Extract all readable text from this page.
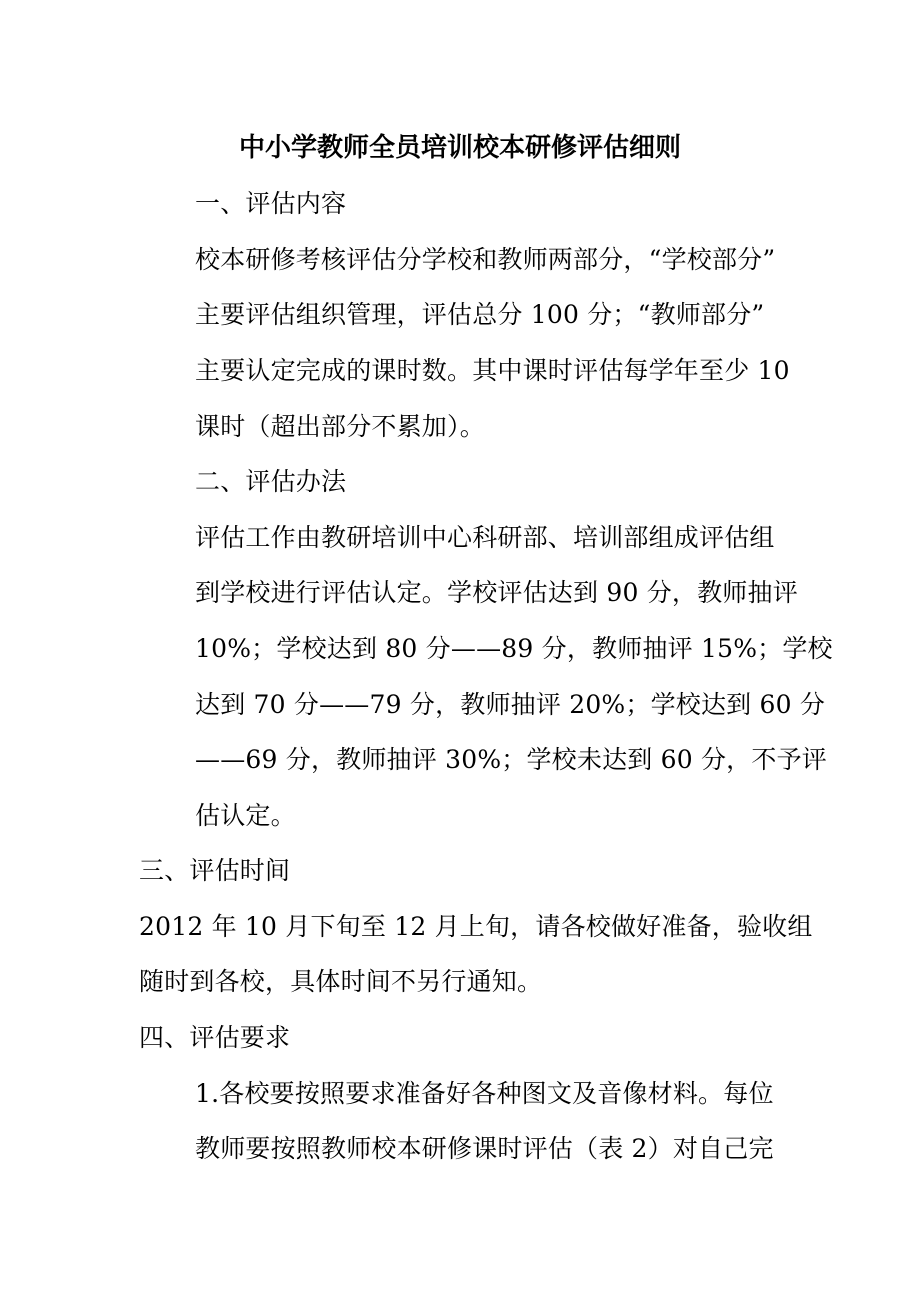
中小学教师全员培训校本研修评估细则
一、评估内容
校本研修考核评估分学校和教师两部分，“学校部分”
主要评估组织管理，评估总分 100 分；“教师部分”
主要认定完成的课时数。其中课时评估每学年至少 10
课时（超出部分不累加）。
二、评估办法
评估工作由教研培训中心科研部、培训部组成评估组
到学校进行评估认定。学校评估达到 90 分，教师抽评
10%；学校达到 80 分——89 分，教师抽评 15%；学校
达到 70 分——79 分，教师抽评 20%；学校达到 60 分
——69 分，教师抽评 30%；学校未达到 60 分，不予评
估认定。
三、评估时间
2012 年 10 月下旬至 12 月上旬，请各校做好准备，验收组
随时到各校，具体时间不另行通知。
四、评估要求
1.各校要按照要求准备好各种图文及音像材料。每位
教师要按照教师校本研修课时评估（表 2）对自己完
